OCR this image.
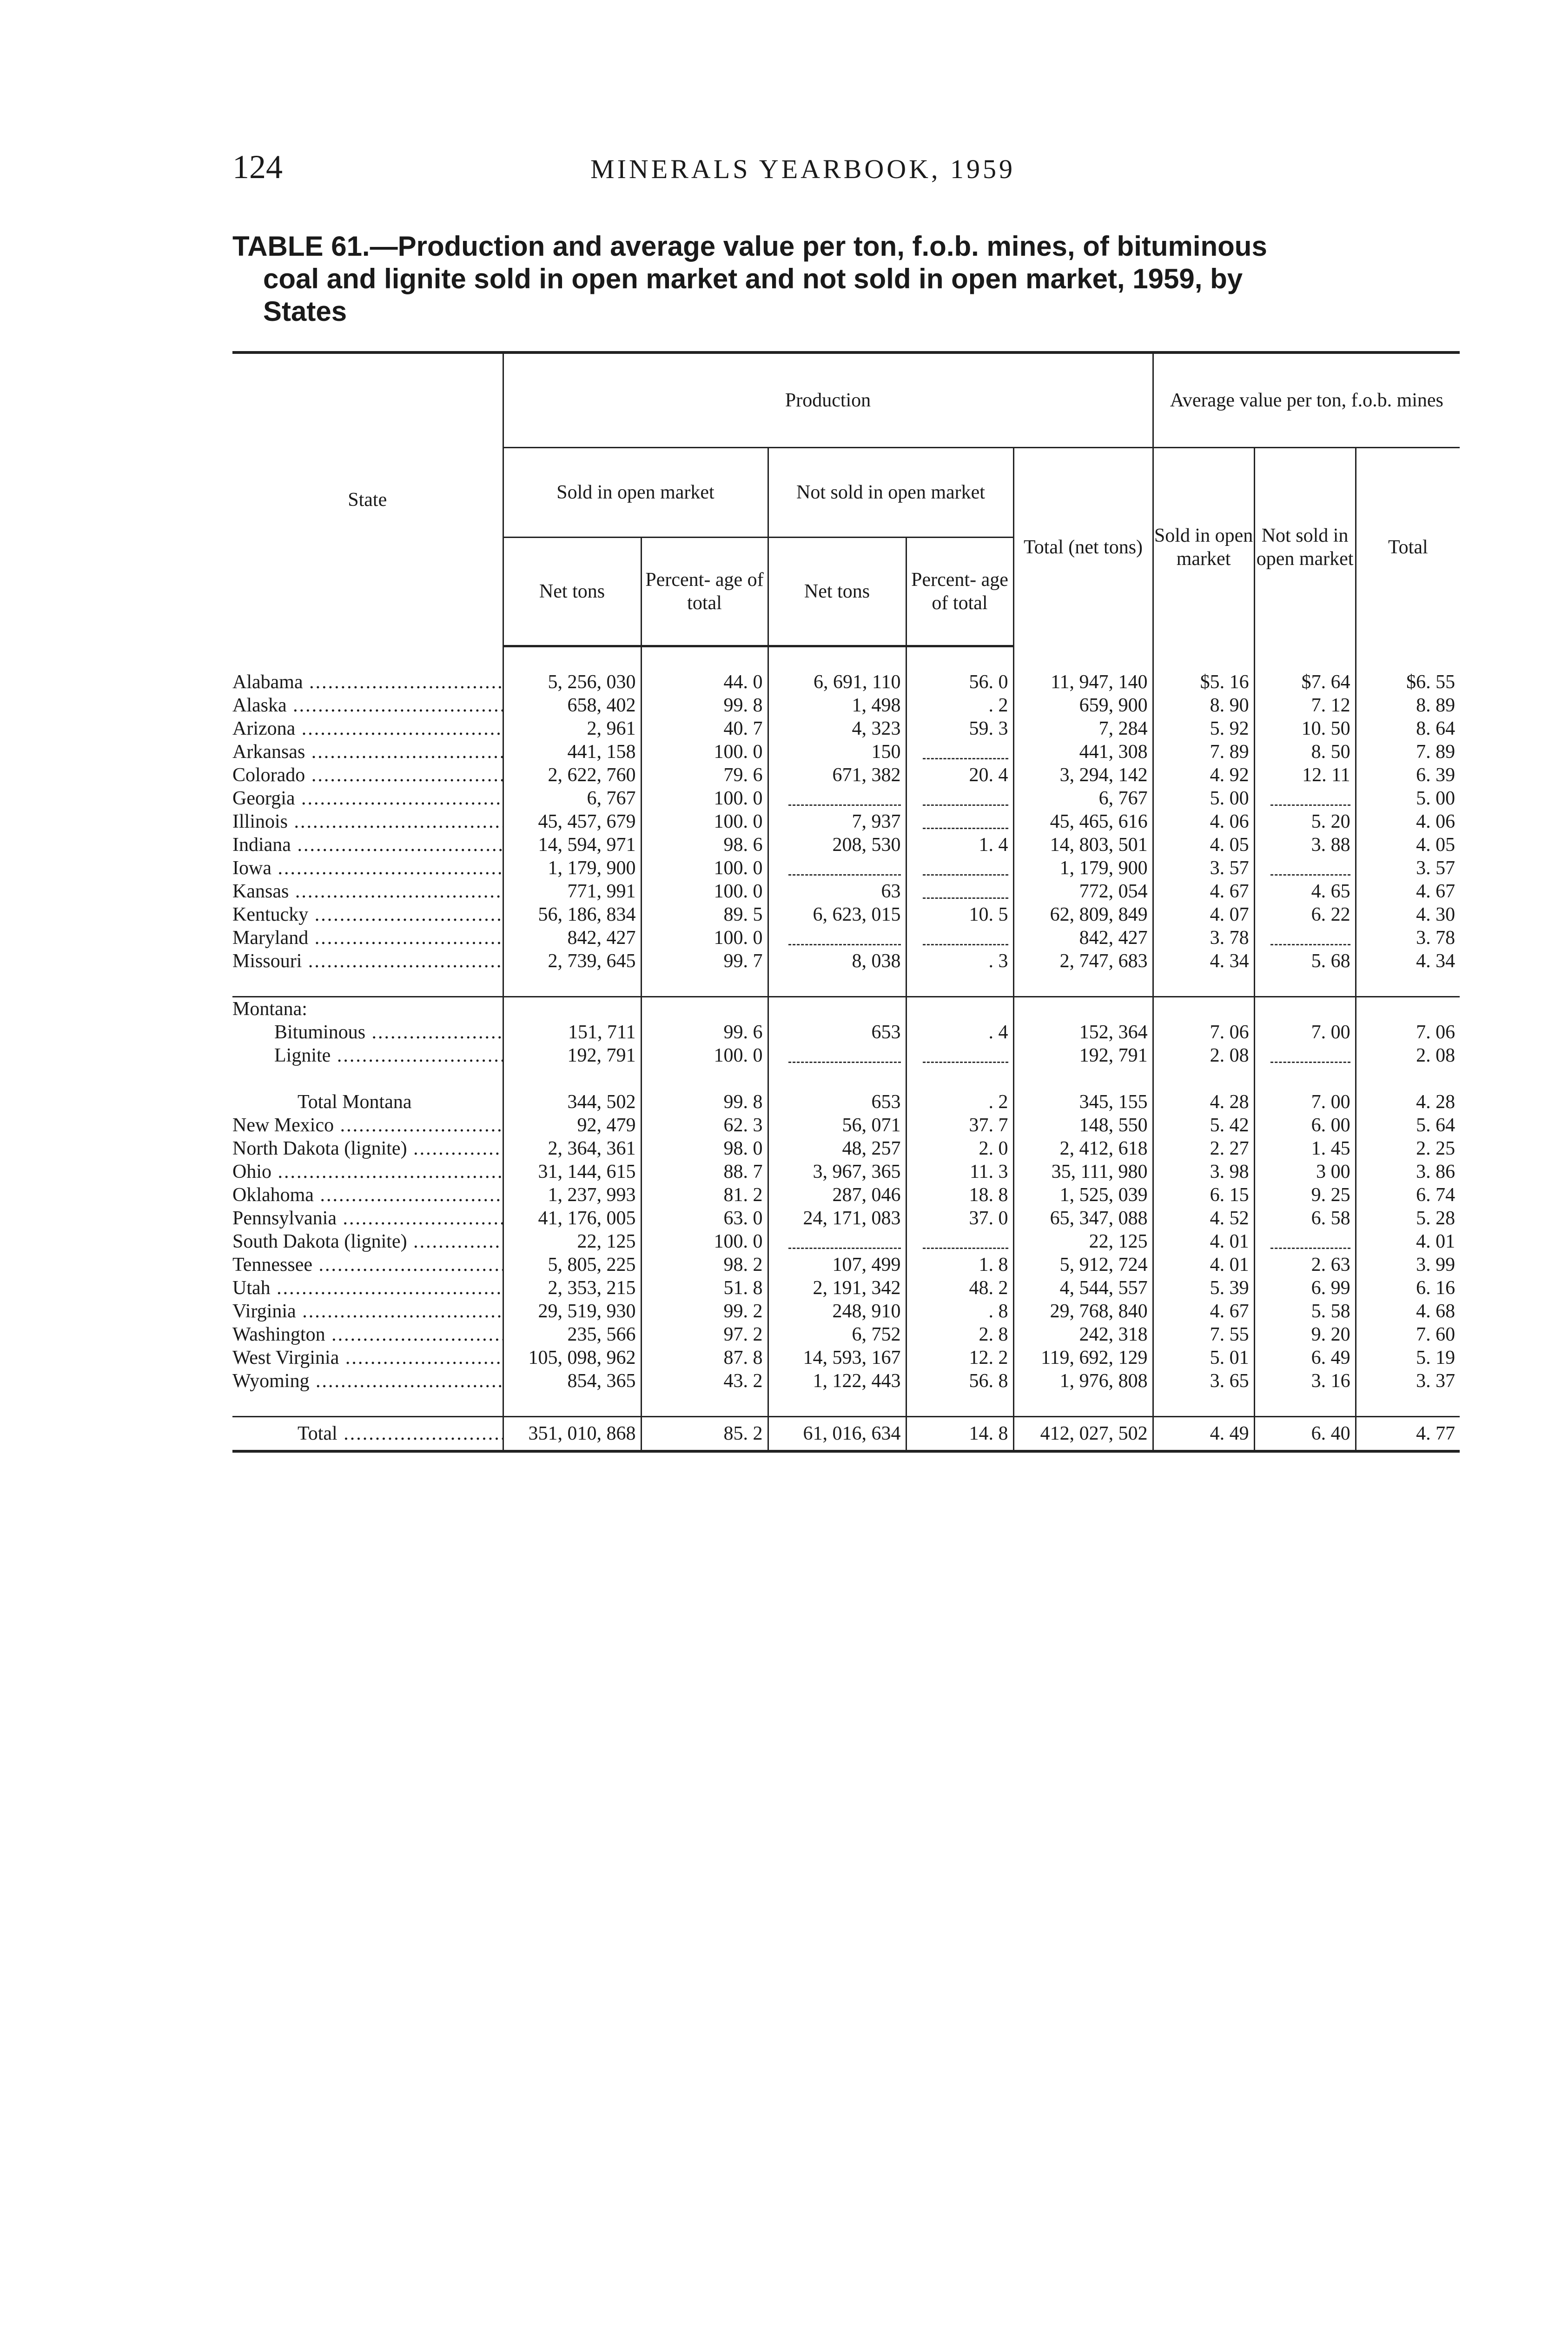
124	MINERALS YEARBOOK, 1959

TABLE 61.—Production and average value per ton, f.o.b. mines, of bituminous
coal and lignite sold in open market and not sold in open market, 1959, by
States

State	Production					Average value per ton, f.o.b. mines		
	Sold in open market		Not sold in open market		Total (net tons)	Sold in open market	Not sold in open market	Total
	Net tons	Percent- age of total	Net tons	Percent- age of total				

Alabama .....	5, 256, 030	44. 0	6, 691, 110	56. 0	11, 947, 140	$5. 16	$7. 64	$6. 55
Alaska .....	658, 402	99. 8	1, 498	. 2	659, 900	8. 90	7. 12	8. 89
Arizona .....	2, 961	40. 7	4, 323	59. 3	7, 284	5. 92	10. 50	8. 64
Arkansas .....	441, 158	100. 0	150		441, 308	7. 89	8. 50	7. 89
Colorado .....	2, 622, 760	79. 6	671, 382	20. 4	3, 294, 142	4. 92	12. 11	6. 39
Georgia .....	6, 767	100. 0			6, 767	5. 00		5. 00
Illinois .....	45, 457, 679	100. 0	7, 937		45, 465, 616	4. 06	5. 20	4. 06
Indiana .....	14, 594, 971	98. 6	208, 530	1. 4	14, 803, 501	4. 05	3. 88	4. 05
Iowa .....	1, 179, 900	100. 0			1, 179, 900	3. 57		3. 57
Kansas .....	771, 991	100. 0	63		772, 054	4. 67	4. 65	4. 67
Kentucky .....	56, 186, 834	89. 5	6, 623, 015	10. 5	62, 809, 849	4. 07	6. 22	4. 30
Maryland .....	842, 427	100. 0			842, 427	3. 78		3. 78
Missouri .....	2, 739, 645	99. 7	8, 038	. 3	2, 747, 683	4. 34	5. 68	4. 34

Montana:								
Bituminous .....	151, 711	99. 6	653	. 4	152, 364	7. 06	7. 00	7. 06
Lignite .....	192, 791	100. 0			192, 791	2. 08		2. 08

Total Montana	344, 502	99. 8	653	. 2	345, 155	4. 28	7. 00	4. 28
New Mexico .....	92, 479	62. 3	56, 071	37. 7	148, 550	5. 42	6. 00	5. 64
North Dakota (lignite) .....	2, 364, 361	98. 0	48, 257	2. 0	2, 412, 618	2. 27	1. 45	2. 25
Ohio .....	31, 144, 615	88. 7	3, 967, 365	11. 3	35, 111, 980	3. 98	3 00	3. 86
Oklahoma .....	1, 237, 993	81. 2	287, 046	18. 8	1, 525, 039	6. 15	9. 25	6. 74
Pennsylvania .....	41, 176, 005	63. 0	24, 171, 083	37. 0	65, 347, 088	4. 52	6. 58	5. 28
South Dakota (lignite) .....	22, 125	100. 0			22, 125	4. 01		4. 01
Tennessee .....	5, 805, 225	98. 2	107, 499	1. 8	5, 912, 724	4. 01	2. 63	3. 99
Utah .....	2, 353, 215	51. 8	2, 191, 342	48. 2	4, 544, 557	5. 39	6. 99	6. 16
Virginia .....	29, 519, 930	99. 2	248, 910	. 8	29, 768, 840	4. 67	5. 58	4. 68
Washington .....	235, 566	97. 2	6, 752	2. 8	242, 318	7. 55	9. 20	7. 60
West Virginia .....	105, 098, 962	87. 8	14, 593, 167	12. 2	119, 692, 129	5. 01	6. 49	5. 19
Wyoming .....	854, 365	43. 2	1, 122, 443	56. 8	1, 976, 808	3. 65	3. 16	3. 37

Total .....	351, 010, 868	85. 2	61, 016, 634	14. 8	412, 027, 502	4. 49	6. 40	4. 77
